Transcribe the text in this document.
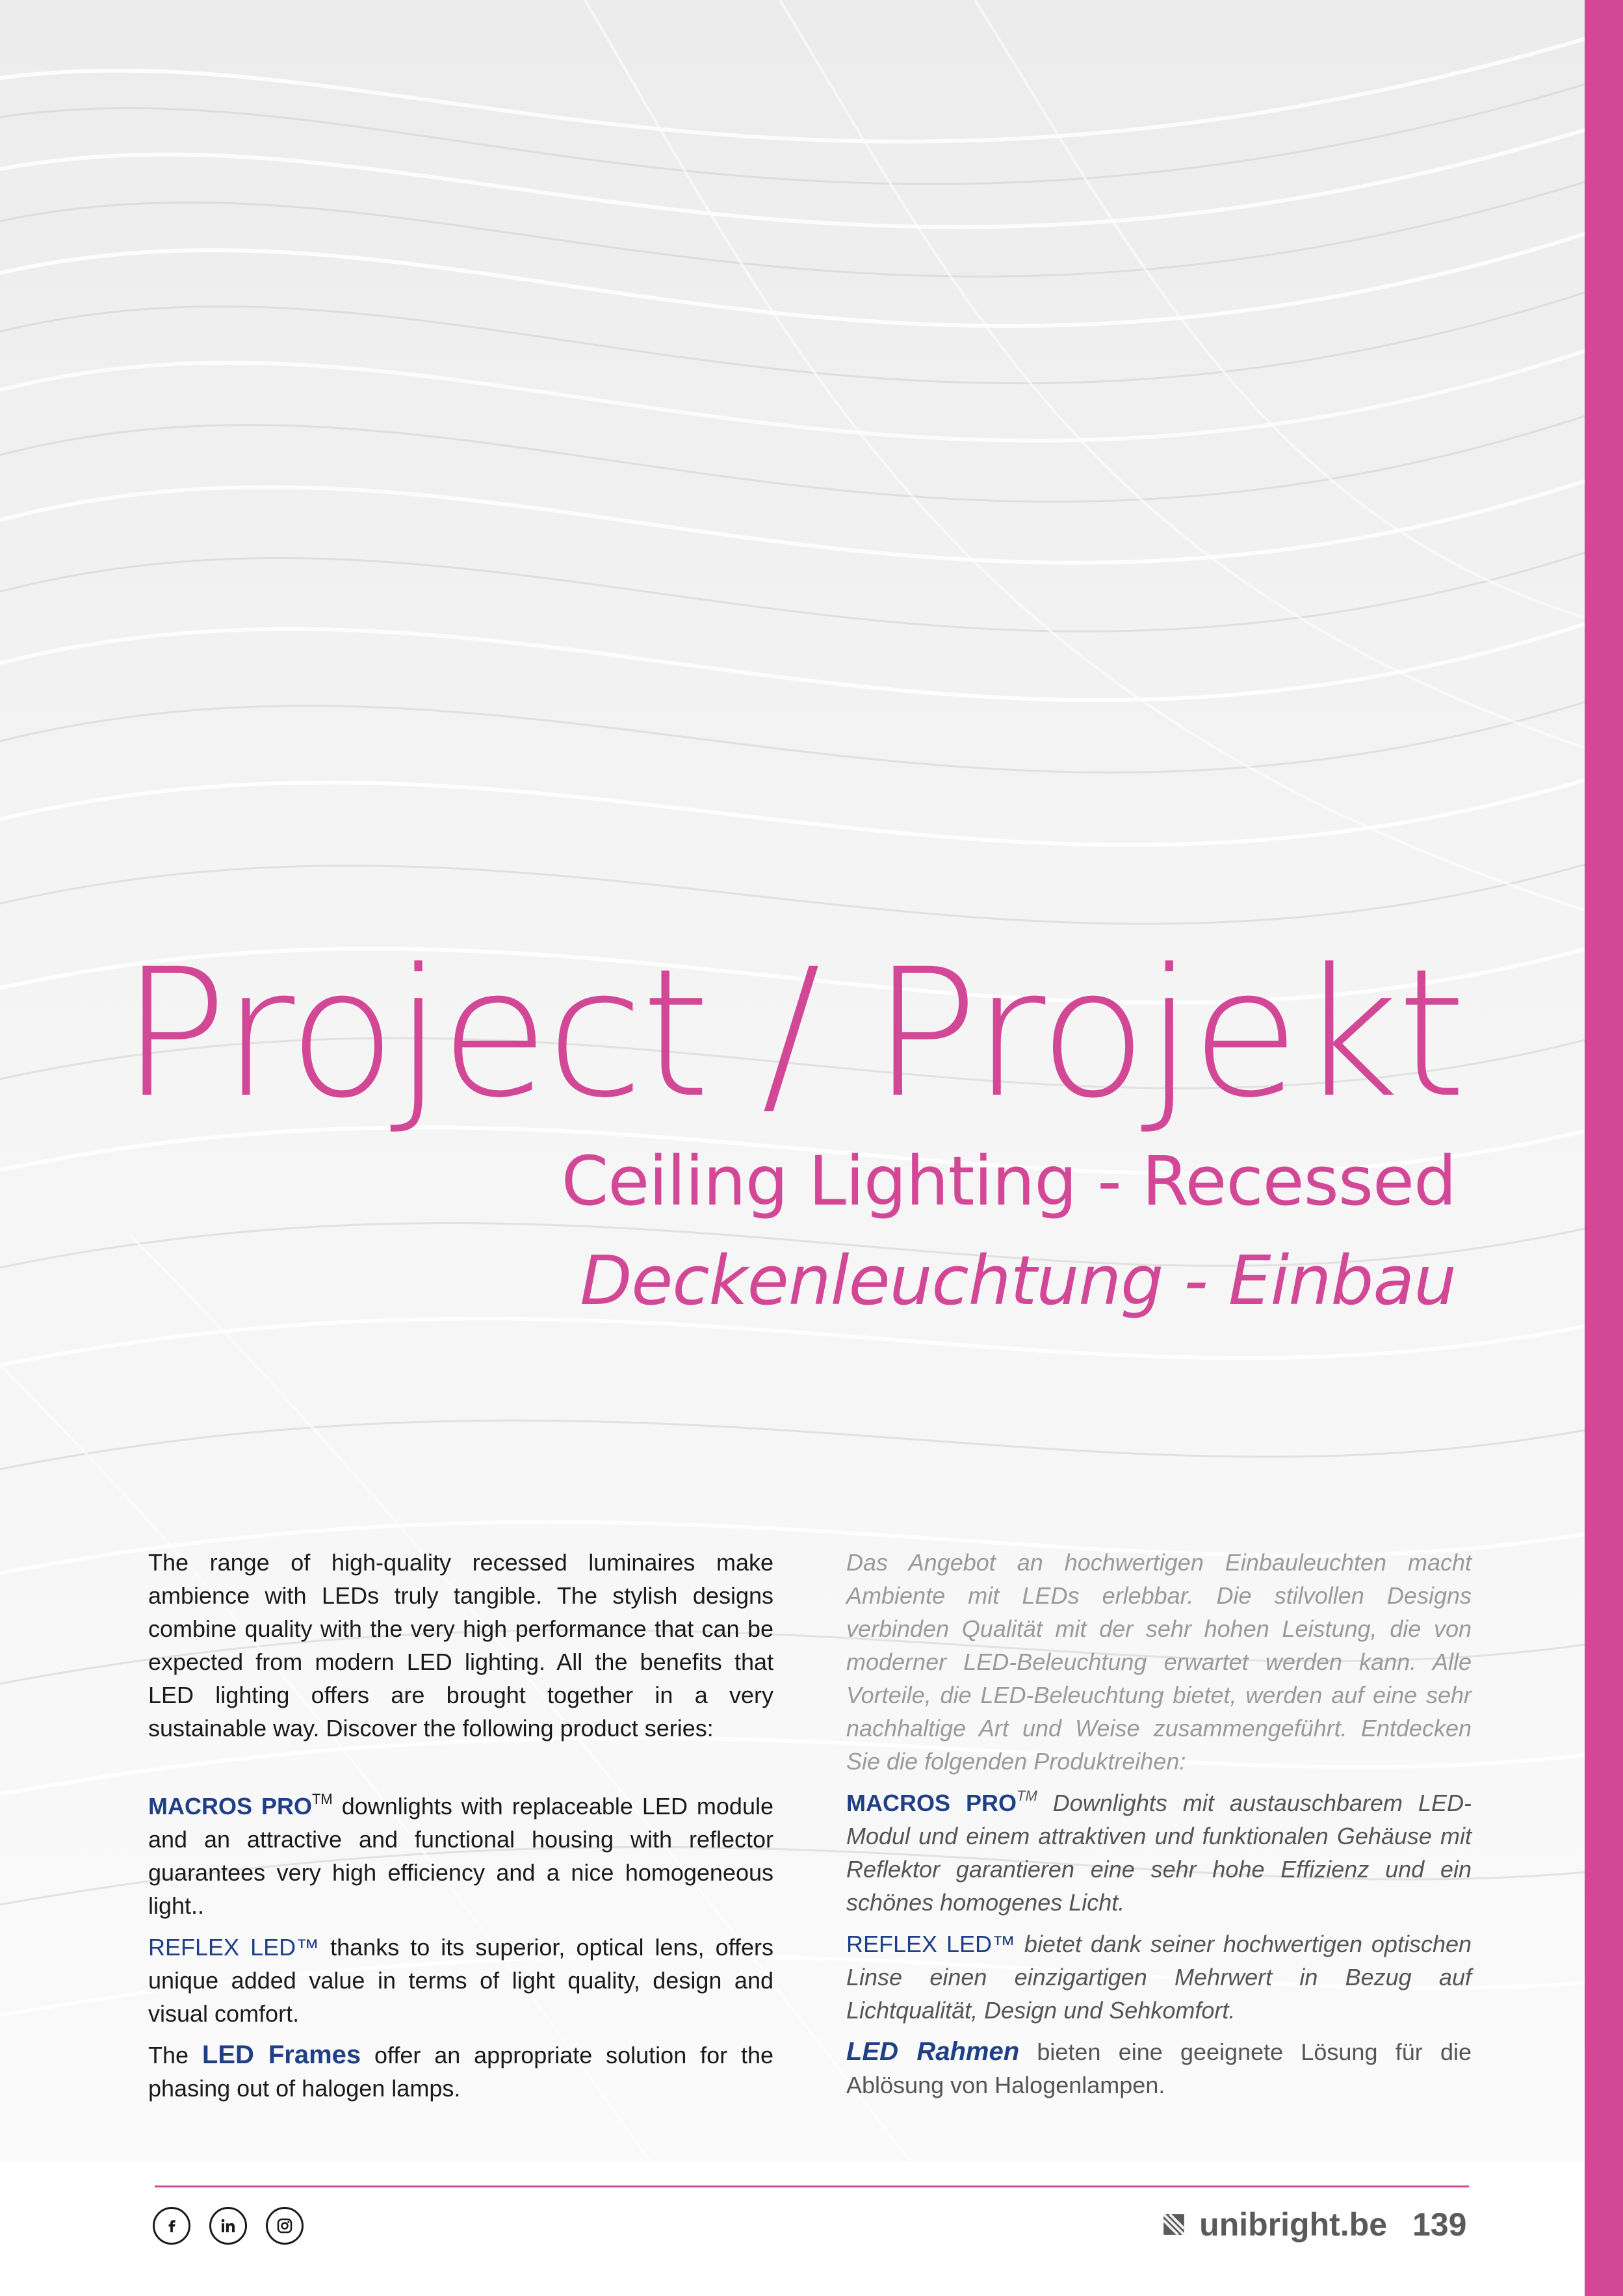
Project / Projekt
Ceiling Lighting - Recessed
Deckenleuchtung - Einbau

The range of high-quality recessed luminaires make ambience with LEDs truly tangible. The stylish designs combine quality with the very high performance that can be expected from modern LED lighting. All the benefits that LED lighting offers are brought together in a very sustainable way. Discover the following product series:

MACROS PRO™ downlights with replaceable LED module and an attractive and functional housing with reflector guarantees very high efficiency and a nice homogeneous light..

REFLEX LED™ thanks to its superior, optical lens, offers unique added value in terms of light quality, design and visual comfort.

The LED Frames offer an appropriate solution for the phasing out of halogen lamps.

Das Angebot an hochwertigen Einbauleuchten macht Ambiente mit LEDs erlebbar. Die stilvollen Designs verbinden Qualität mit der sehr hohen Leistung, die von moderner LED-Beleuchtung erwartet werden kann. Alle Vorteile, die LED-Beleuchtung bietet, werden auf eine sehr nachhaltige Art und Weise zusammengeführt. Entdecken Sie die folgenden Produktreihen:

MACROS PRO™ Downlights mit austauschbarem LED-Modul und einem attraktiven und funktionalen Gehäuse mit Reflektor garantieren eine sehr hohe Effizienz und ein schönes homogenes Licht.

REFLEX LED™ bietet dank seiner hochwertigen optischen Linse einen einzigartigen Mehrwert in Bezug auf Lichtqualität, Design und Sehkomfort.

LED Rahmen bieten eine geeignete Lösung für die Ablösung von Halogenlampen.

unibright.be 139
